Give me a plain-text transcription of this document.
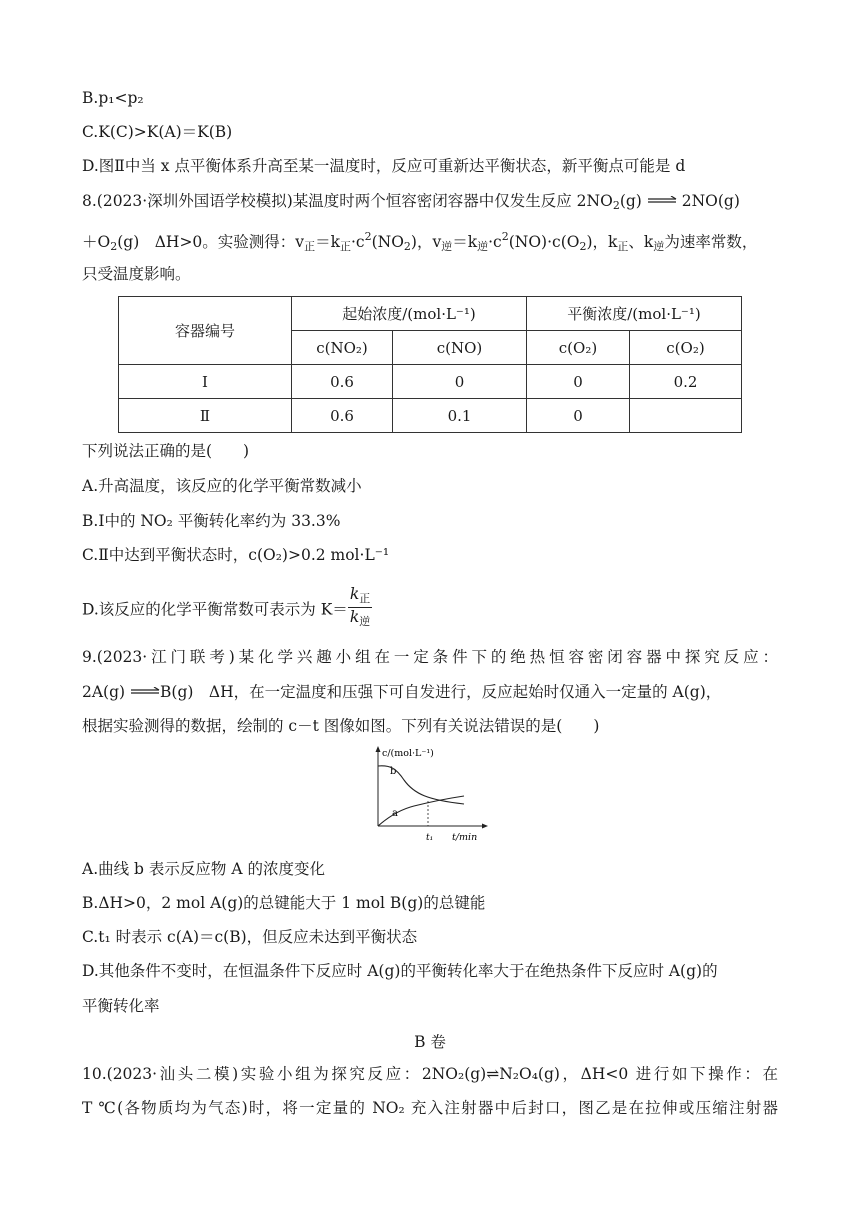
B.p₁<p₂
C.K(C)>K(A)＝K(B)
D.图Ⅱ中当 x 点平衡体系升高至某一温度时，反应可重新达平衡状态，新平衡点可能是 d
8.(2023·深圳外国语学校模拟)某温度时两个恒容密闭容器中仅发生反应 $2NO_2(g)$	2NO(g)
$+O_2(g)$　ΔH>0。实验测得：$v_正=k_正\cdot c^2(NO_2)$，$v_逆=k_逆\cdot c^2(NO)\cdot c(O_2)$，$k_正$、$k_逆$为速率常数，
只受温度影响。
容器编号	起始浓度/(mol·L⁻¹)		平衡浓度/(mol·L⁻¹)	
	c(NO₂)	c(NO)	c(O₂)	c(O₂)
Ⅰ	0.6	0	0	0.2
Ⅱ	0.6	0.1	0	
下列说法正确的是(　　)
A.升高温度，该反应的化学平衡常数减小
B.Ⅰ中的 NO₂ 平衡转化率约为 33.3%
C.Ⅱ中达到平衡状态时，c(O₂)>0.2 mol·L⁻¹
D.该反应的化学平衡常数可表示为 $K= \frac{k_正}{k_逆}$
9.(2023·江门联考)某化学兴趣小组在一定条件下的绝热恒容密闭容器中探究反应：
2A(g) B(g)　ΔH，在一定温度和压强下可自发进行，反应起始时仅通入一定量的 A(g)，
根据实验测得的数据，绘制的 c－t 图像如图。下列有关说法错误的是(　　)
c/(mol·L⁻¹)
t/min
b
a
t₁
A.曲线 b 表示反应物 A 的浓度变化
B.ΔH>0，2 mol A(g)的总键能大于 1 mol B(g)的总键能
C.t₁ 时表示 c(A)＝c(B)，但反应未达到平衡状态
D.其他条件不变时，在恒温条件下反应时 A(g)的平衡转化率大于在绝热条件下反应时 A(g)的
平衡转化率
B 卷
10.(2023·汕头二模)实验小组为探究反应：2NO₂(g)⇌N₂O₄(g)，ΔH<0 进行如下操作：在
T ℃(各物质均为气态)时，将一定量的 NO₂ 充入注射器中后封口，图乙是在拉伸或压缩注射器
